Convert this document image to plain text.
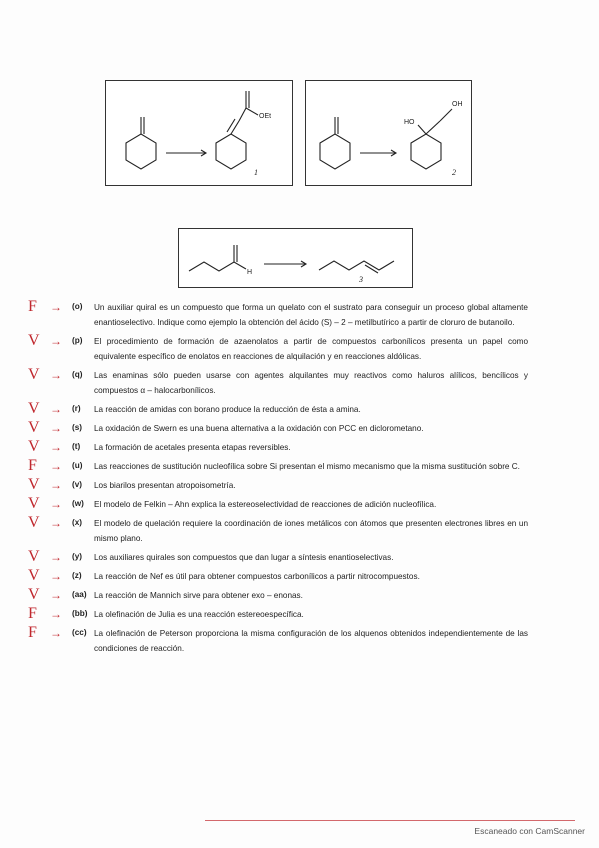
OEt
1
OH
HO
2
H
3
F	→	(o)	Un auxiliar quiral es un compuesto que forma un quelato con el sustrato para conseguir un proceso global altamente enantioselectivo. Indique como ejemplo la obtención del ácido (S) – 2 – metilbutírico a partir de cloruro de butanoilo.
V →	(p)	El procedimiento de formación de azaenolatos a partir de compuestos carbonílicos presenta un papel como equivalente específico de enolatos en reacciones de alquilación y en reacciones aldólicas.
V →	(q)	Las enaminas sólo pueden usarse con agentes alquilantes muy reactivos como haluros alílicos, bencílicos y compuestos α – halocarbonílicos.
V →	(r)	La reacción de amidas con borano produce la reducción de ésta a amina.
V →	(s)	La oxidación de Swern es una buena alternativa a la oxidación con PCC en diclorometano.
V →	(t)	La formación de acetales presenta etapas reversibles.
F	→	(u)	Las reacciones de sustitución nucleofílica sobre Si presentan el mismo mecanismo que la misma sustitución sobre C.
V →	(v)	Los biarilos presentan atropoisometría.
V →	(w)	El modelo de Felkin – Ahn explica la estereoselectividad de reacciones de adición nucleofílica.
V →	(x)	El modelo de quelación requiere la coordinación de iones metálicos con átomos que presenten electrones libres en un mismo plano.
V →	(y)	Los auxiliares quirales son compuestos que dan lugar a síntesis enantioselectivas.
V →	(z)	La reacción de Nef es útil para obtener compuestos carbonílicos a partir nitrocompuestos.
V →	(aa) La reacción de Mannich sirve para obtener exo – enonas.
F	→	(bb) La olefinación de Julia es una reacción estereoespecífica.
F	→	(cc) La olefinación de Peterson proporciona la misma configuración de los alquenos obtenidos independientemente de las condiciones de reacción.
Escaneado con CamScanner
